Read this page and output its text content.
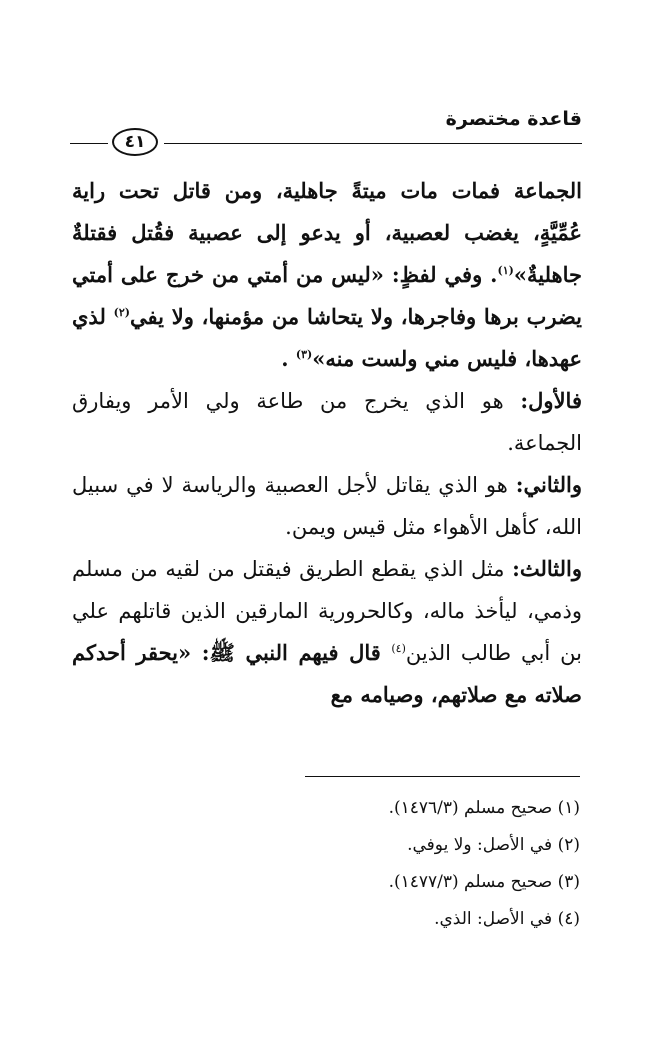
٤١
قاعدة مختصرة

الجماعة فمات مات ميتةً جاهلية، ومن قاتل تحت راية عُمِّيَّةٍ، يغضب لعصبية، أو يدعو إلى عصبية فقُتل فقتلةٌ جاهليةٌ»$^{(١)}$. وفي لفظٍ: «ليس من أمتي من خرج على أمتي يضرب برها وفاجرها، ولا يتحاشا من مؤمنها، ولا يفي$^{(٢)}$ لذي عهدها، فليس مني ولست منه»$^{(٣)}$ .

فالأول: هو الذي يخرج من طاعة ولي الأمر ويفارق الجماعة.

والثاني: هو الذي يقاتل لأجل العصبية والرياسة لا في سبيل الله، كأهل الأهواء مثل قيس ويمن.

والثالث: مثل الذي يقطع الطريق فيقتل من لقيه من مسلم وذمي، ليأخذ ماله، وكالحرورية المارقين الذين قاتلهم علي بن أبي طالب الذين$^{(٤)}$ قال فيهم النبي ﷺ: «يحقر أحدكم صلاته مع صلاتهم، وصيامه مع

(١) صحيح مسلم (١٤٧٦/٣).
(٢) في الأصل: ولا يوفي.
(٣) صحيح مسلم (١٤٧٧/٣).
(٤) في الأصل: الذي.
